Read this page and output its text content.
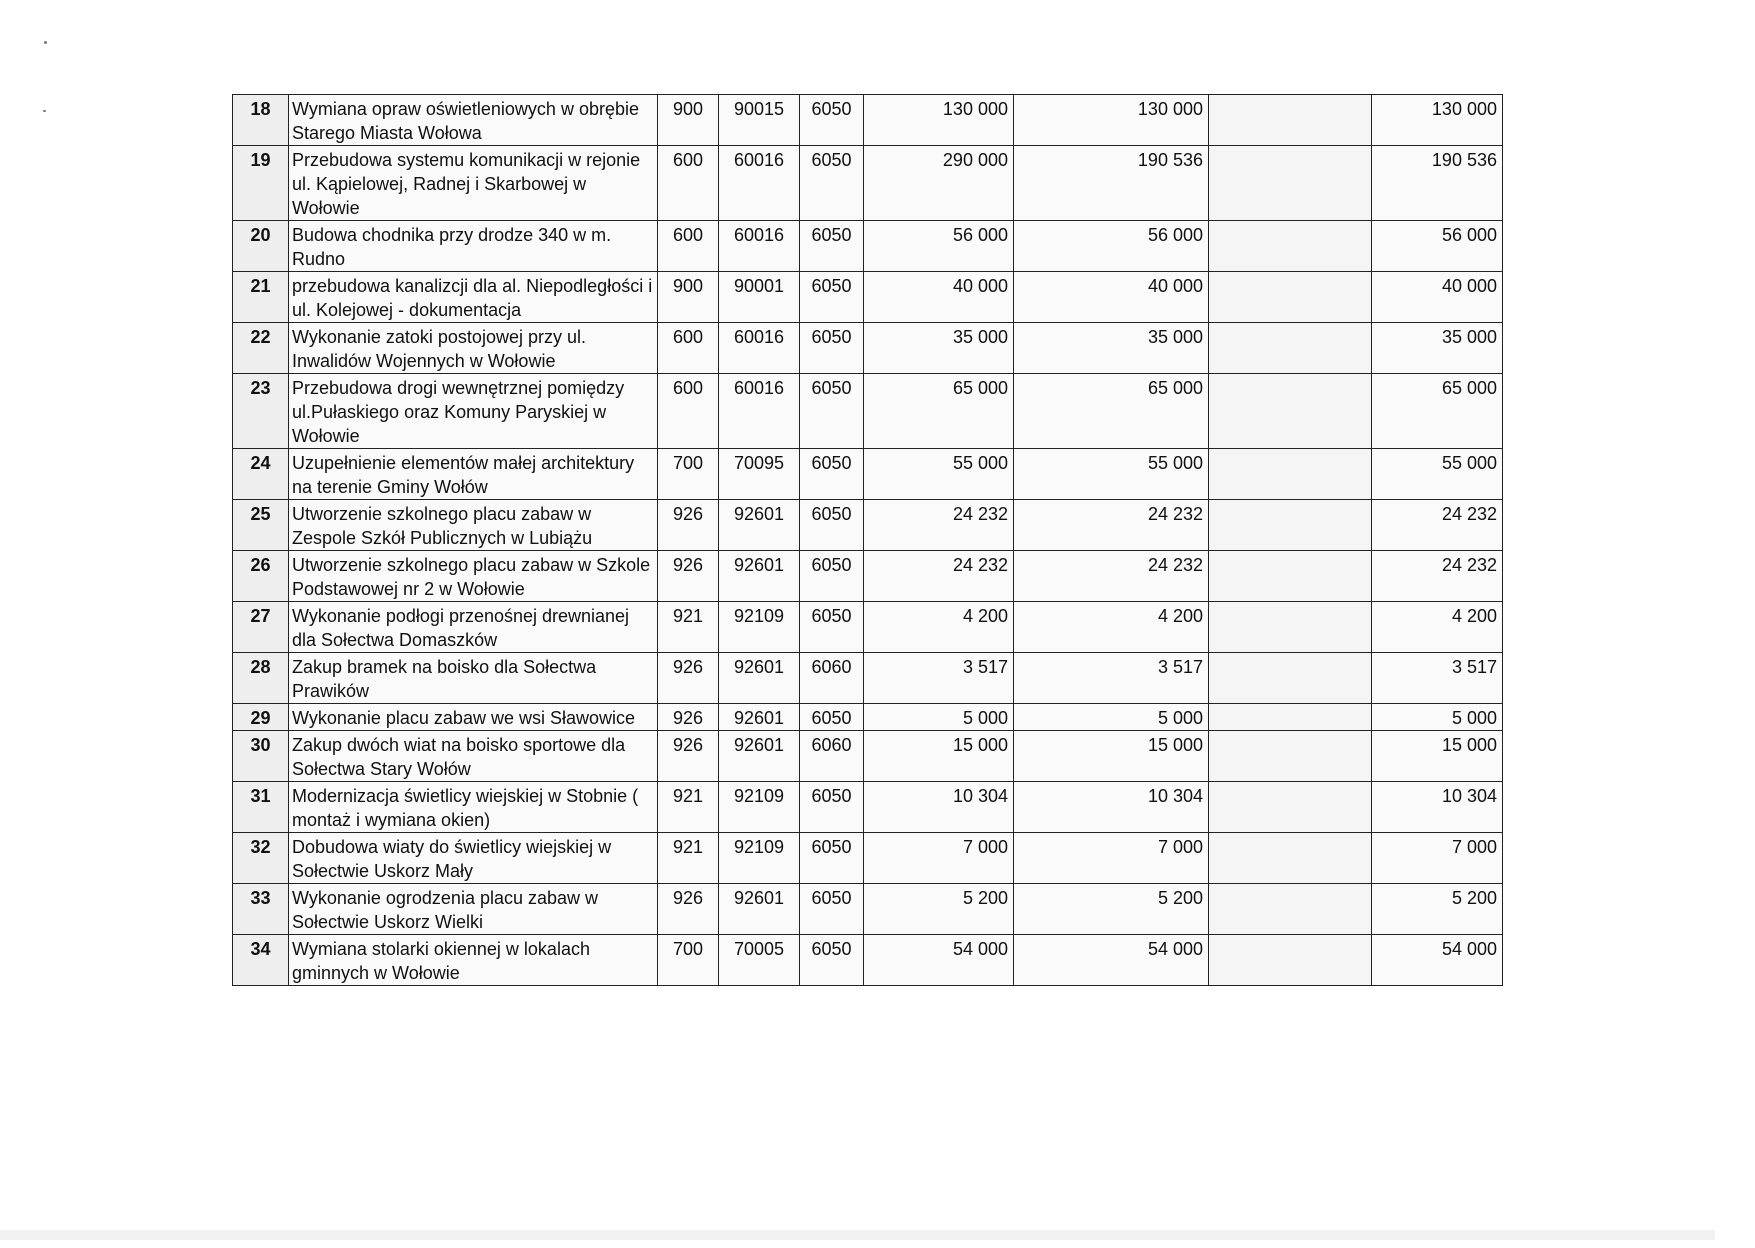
18	Wymiana opraw oświetleniowych w obrębie Starego Miasta Wołowa	900	90015	6050	130 000	130 000		130 000
19	Przebudowa systemu komunikacji w rejonie ul. Kąpielowej, Radnej i Skarbowej w Wołowie	600	60016	6050	290 000	190 536		190 536
20	Budowa chodnika przy drodze 340 w m. Rudno	600	60016	6050	56 000	56 000		56 000
21	przebudowa kanalizcji dla al. Niepodległości i ul. Kolejowej - dokumentacja	900	90001	6050	40 000	40 000		40 000
22	Wykonanie zatoki postojowej przy ul. Inwalidów Wojennych w Wołowie	600	60016	6050	35 000	35 000		35 000
23	Przebudowa drogi wewnętrznej pomiędzy ul.Pułaskiego oraz Komuny Paryskiej w Wołowie	600	60016	6050	65 000	65 000		65 000
24	Uzupełnienie elementów małej architektury na terenie Gminy Wołów	700	70095	6050	55 000	55 000		55 000
25	Utworzenie szkolnego placu zabaw w Zespole Szkół Publicznych w Lubiążu	926	92601	6050	24 232	24 232		24 232
26	Utworzenie szkolnego placu zabaw w Szkole Podstawowej nr 2 w Wołowie	926	92601	6050	24 232	24 232		24 232
27	Wykonanie podłogi przenośnej drewnianej dla Sołectwa Domaszków	921	92109	6050	4 200	4 200		4 200
28	Zakup bramek na boisko dla Sołectwa Prawików	926	92601	6060	3 517	3 517		3 517
29	Wykonanie placu zabaw we wsi Sławowice	926	92601	6050	5 000	5 000		5 000
30	Zakup dwóch wiat na boisko sportowe dla Sołectwa Stary Wołów	926	92601	6060	15 000	15 000		15 000
31	Modernizacja świetlicy wiejskiej w Stobnie ( montaż i wymiana okien)	921	92109	6050	10 304	10 304		10 304
32	Dobudowa wiaty do świetlicy wiejskiej w Sołectwie Uskorz Mały	921	92109	6050	7 000	7 000		7 000
33	Wykonanie ogrodzenia placu zabaw w Sołectwie Uskorz Wielki	926	92601	6050	5 200	5 200		5 200
34	Wymiana stolarki okiennej w lokalach gminnych w Wołowie	700	70005	6050	54 000	54 000		54 000
